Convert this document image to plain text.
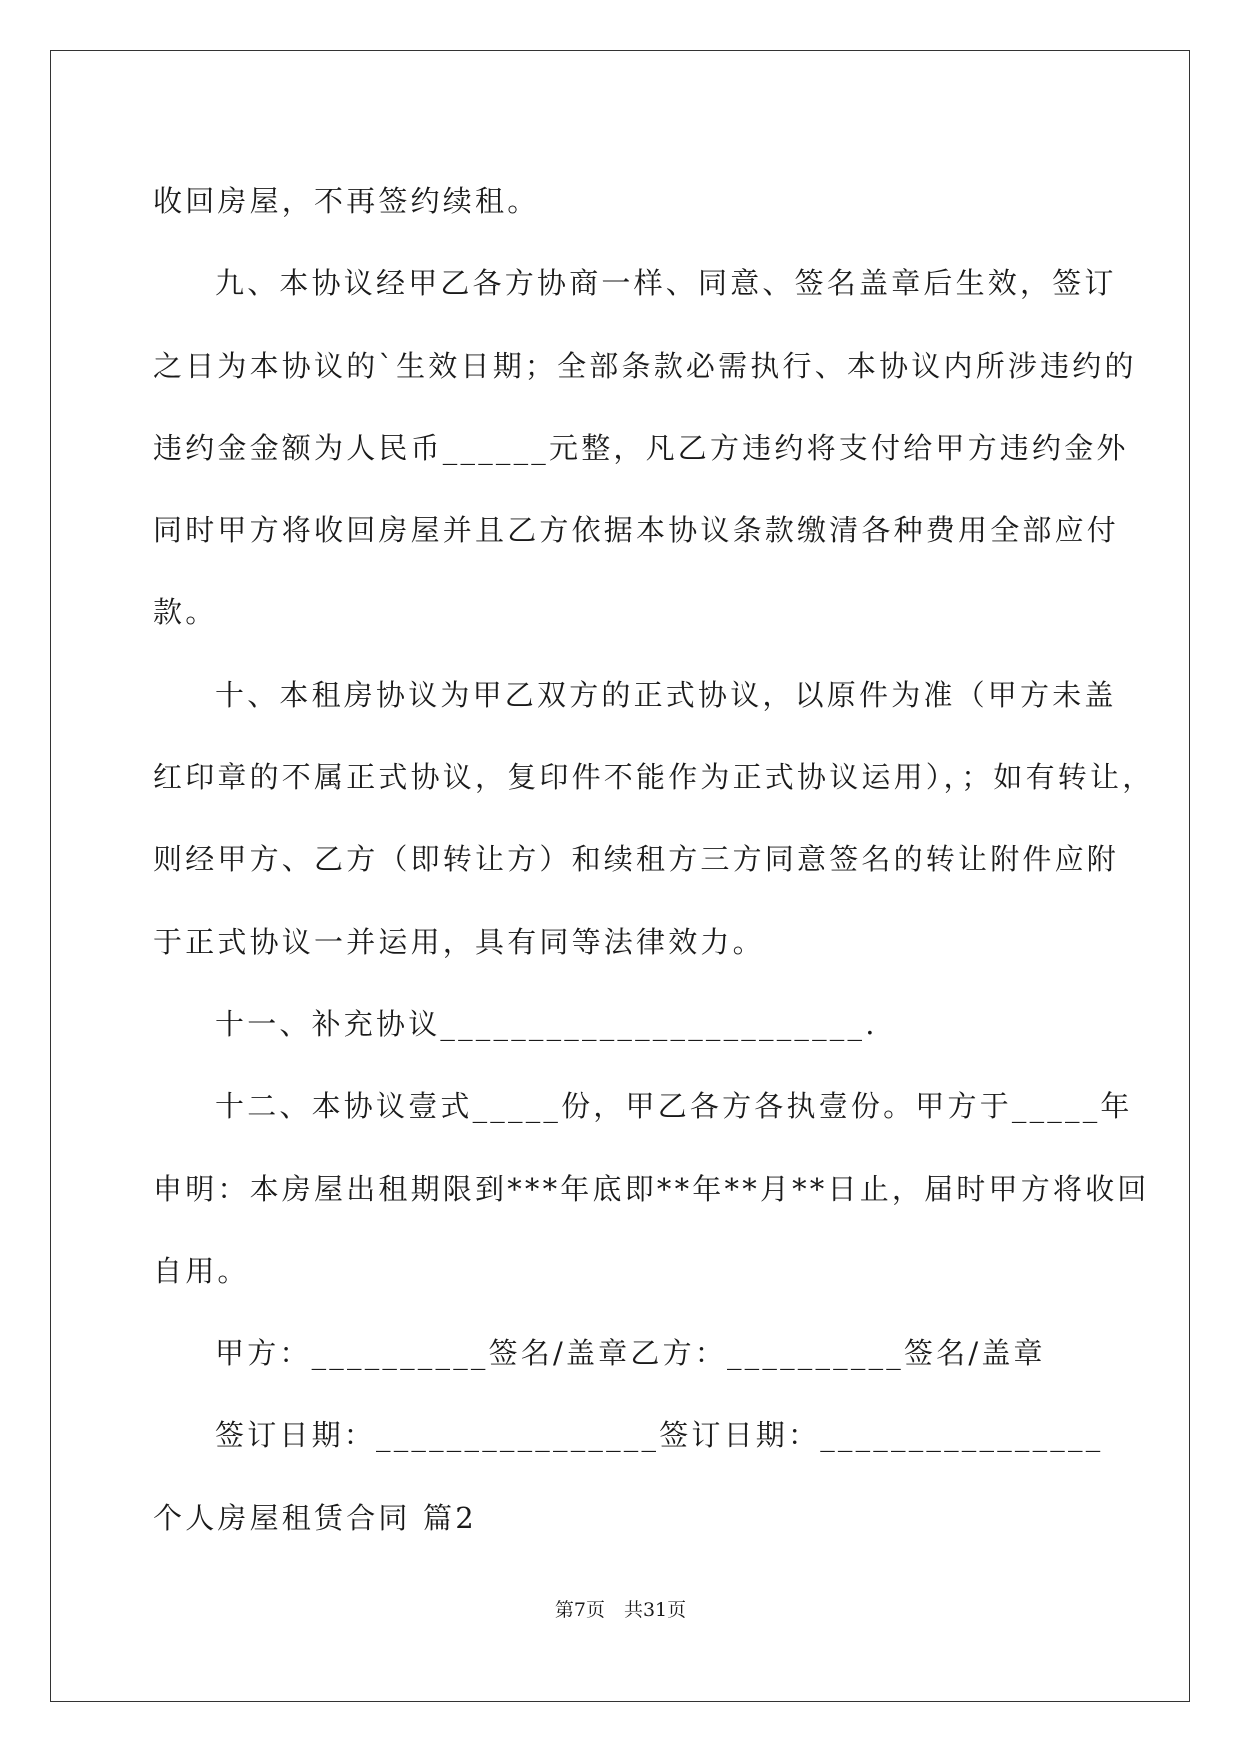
收回房屋，不再签约续租。
九、本协议经甲乙各方协商一样、同意、签名盖章后生效，签订
之日为本协议的`生效日期；全部条款必需执行、本协议内所涉违约的
违约金金额为人民币______元整，凡乙方违约将支付给甲方违约金外
同时甲方将收回房屋并且乙方依据本协议条款缴清各种费用全部应付
款。
十、本租房协议为甲乙双方的正式协议，以原件为准（甲方未盖
红印章的不属正式协议，复印件不能作为正式协议运用），；如有转让，
则经甲方、乙方（即转让方）和续租方三方同意签名的转让附件应附
于正式协议一并运用，具有同等法律效力。
十一、补充协议________________________.
十二、本协议壹式_____份，甲乙各方各执壹份。甲方于_____年
申明：本房屋出租期限到***年底即**年**月**日止，届时甲方将收回
自用。
甲方：__________签名/盖章乙方：__________签名/盖章
签订日期：________________签订日期：________________
个人房屋租赁合同 篇2
第7页　共31页
